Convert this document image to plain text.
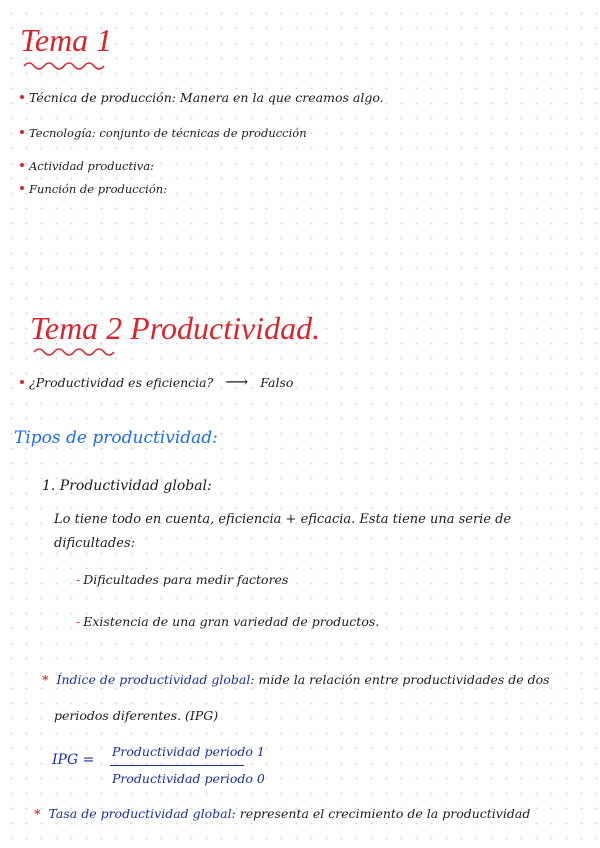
Tema 1
Técnica de producción: Manera en la que creamos algo.
Tecnología: conjunto de técnicas de producción
Actividad productiva:
Función de producción:
Tema 2 Productividad.
¿Productividad es eficiencia? ⟶ Falso
Tipos de productividad:
1. Productividad global:
Lo tiene todo en cuenta, eficiencia + eficacia. Esta tiene una serie de
dificultades:
- Dificultades para medir factores
- Existencia de una gran variedad de productos.
* Índice de productividad global: mide la relación entre productividades de dos
periodos diferentes. (IPG)
IPG =
Productividad periodo 1
Productividad periodo 0
* Tasa de productividad global: representa el crecimiento de la productividad
